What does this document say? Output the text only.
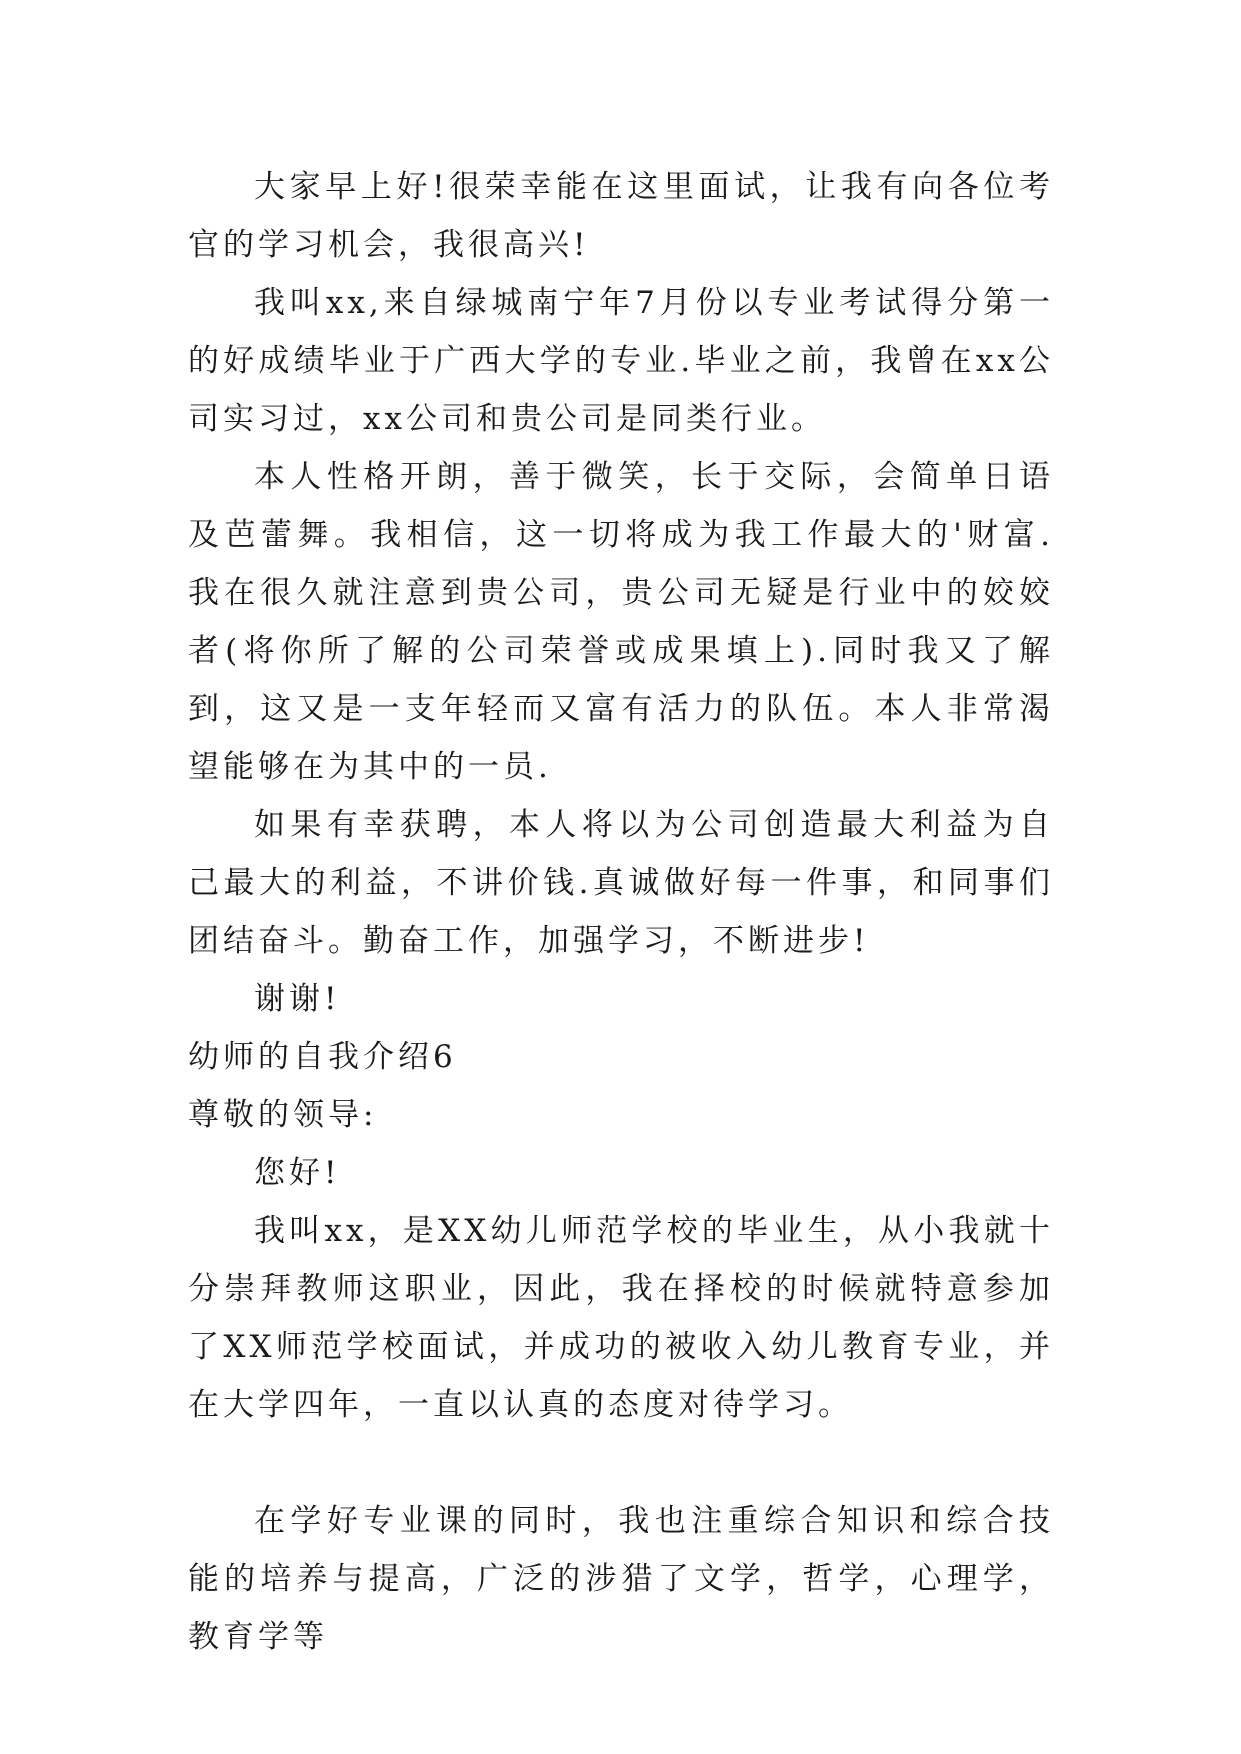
大家早上好!很荣幸能在这里面试，让我有向各位考官的学习机会，我很高兴!

我叫xx,来自绿城南宁年7月份以专业考试得分第一的好成绩毕业于广西大学的专业.毕业之前，我曾在xx公司实习过，xx公司和贵公司是同类行业。

本人性格开朗，善于微笑，长于交际，会简单日语及芭蕾舞。我相信，这一切将成为我工作最大的'财富.我在很久就注意到贵公司，贵公司无疑是行业中的姣姣者(将你所了解的公司荣誉或成果填上).同时我又了解到，这又是一支年轻而又富有活力的队伍。本人非常渴望能够在为其中的一员.

如果有幸获聘，本人将以为公司创造最大利益为自己最大的利益，不讲价钱.真诚做好每一件事，和同事们团结奋斗。勤奋工作，加强学习，不断进步!

谢谢!

幼师的自我介绍6

尊敬的领导:

您好!

我叫xx，是XX幼儿师范学校的毕业生，从小我就十分崇拜教师这职业，因此，我在择校的时候就特意参加了XX师范学校面试，并成功的被收入幼儿教育专业，并在大学四年，一直以认真的态度对待学习。

在学好专业课的同时，我也注重综合知识和综合技能的培养与提高，广泛的涉猎了文学，哲学，心理学，教育学等
